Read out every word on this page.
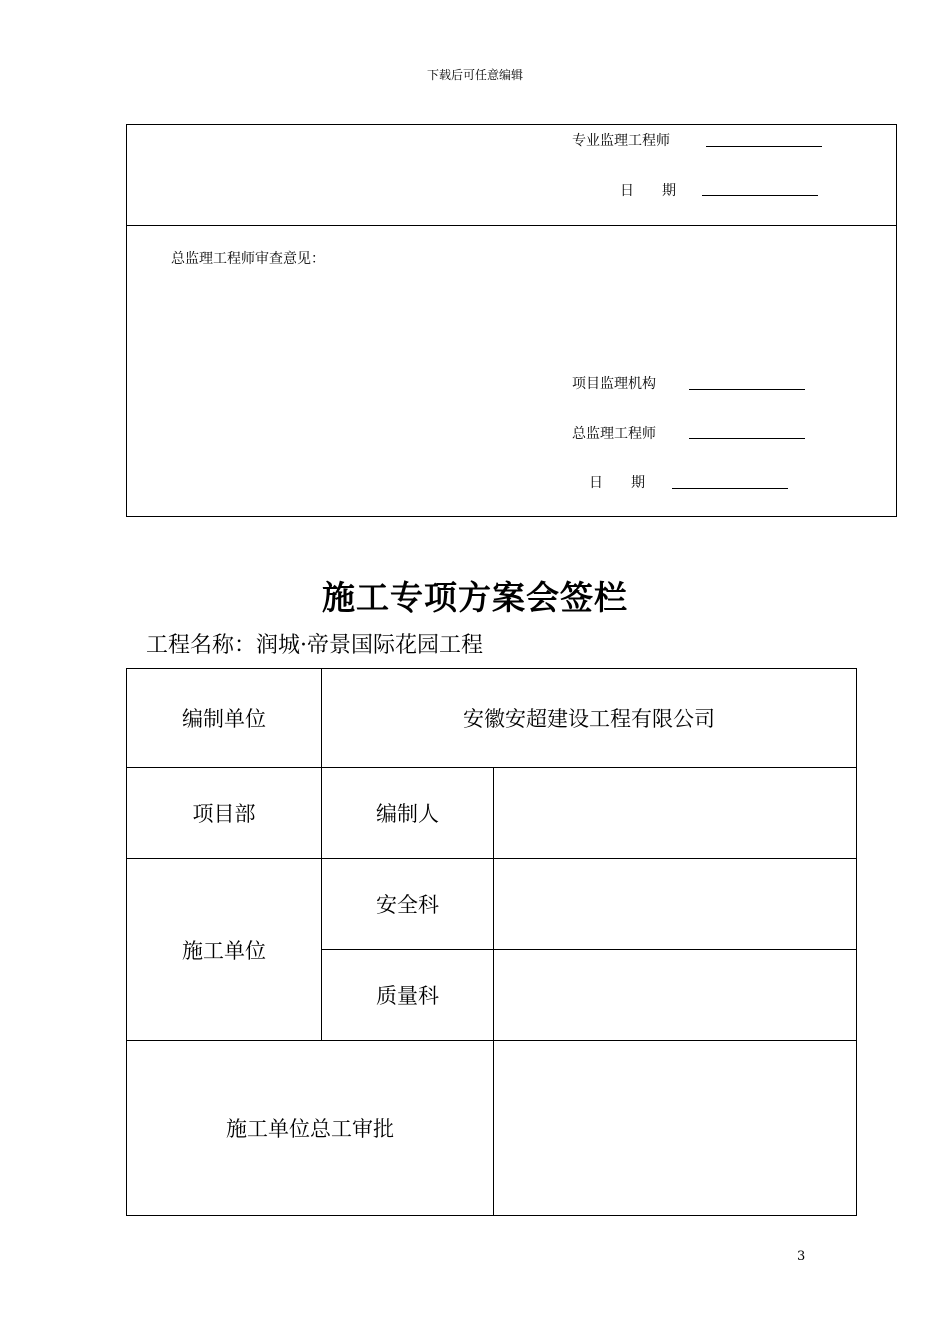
下载后可任意编辑
专业监理工程师
日　　期
总监理工程师审查意见：
项目监理机构
总监理工程师
日　　期
施工专项方案会签栏
工程名称：润城·帝景国际花园工程
编制单位	安徽安超建设工程有限公司	
项目部	编制人	
施工单位	安全科	
	质量科	
施工单位总工审批		
3
